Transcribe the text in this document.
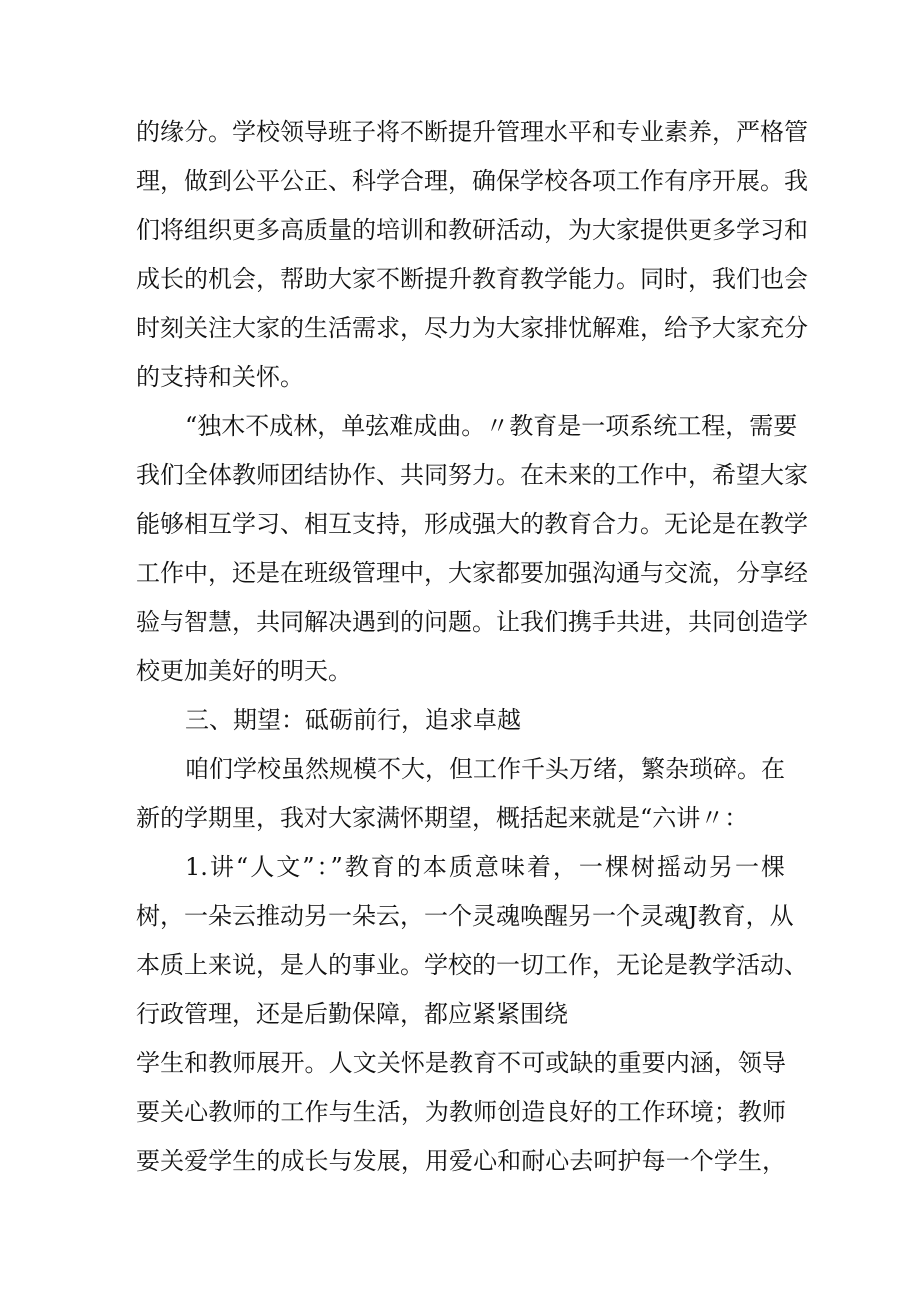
的缘分。学校领导班子将不断提升管理水平和专业素养，严格管
理，做到公平公正、科学合理，确保学校各项工作有序开展。我
们将组织更多高质量的培训和教研活动，为大家提供更多学习和
成长的机会，帮助大家不断提升教育教学能力。同时，我们也会
时刻关注大家的生活需求，尽力为大家排忧解难，给予大家充分
的支持和关怀。
“独木不成林，单弦难成曲。〃教育是一项系统工程，需要
我们全体教师团结协作、共同努力。在未来的工作中，希望大家
能够相互学习、相互支持，形成强大的教育合力。无论是在教学
工作中，还是在班级管理中，大家都要加强沟通与交流，分享经
验与智慧，共同解决遇到的问题。让我们携手共进，共同创造学
校更加美好的明天。
三、期望：砥砺前行，追求卓越
咱们学校虽然规模不大，但工作千头万绪，繁杂琐碎。在
新的学期里，我对大家满怀期望，概括起来就是“六讲〃：
1.讲“人文”：”教育的本质意味着，一棵树摇动另一棵
树，一朵云推动另一朵云，一个灵魂唤醒另一个灵魂J教育，从
本质上来说，是人的事业。学校的一切工作，无论是教学活动、
行政管理，还是后勤保障，都应紧紧围绕
学生和教师展开。人文关怀是教育不可或缺的重要内涵，领导
要关心教师的工作与生活，为教师创造良好的工作环境；教师
要关爱学生的成长与发展，用爱心和耐心去呵护每一个学生，
